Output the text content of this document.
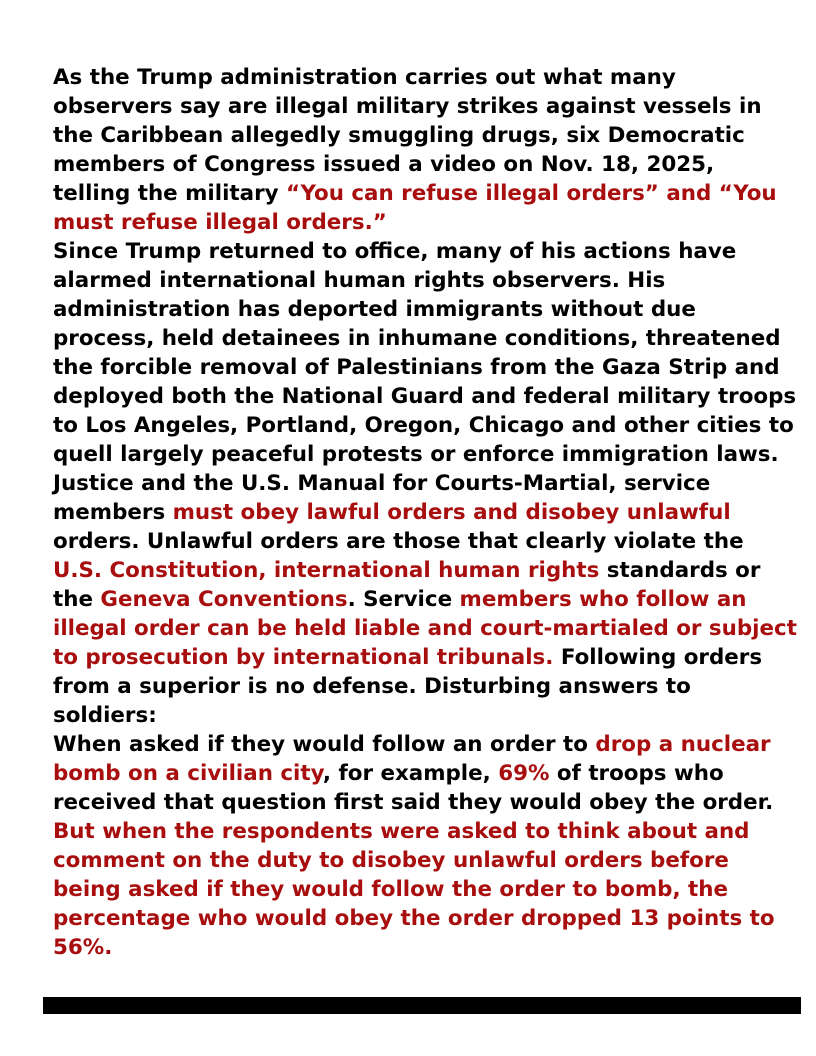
As the Trump administration carries out what many observers say are illegal military strikes against vessels in the Caribbean allegedly smuggling drugs, six Democratic members of Congress issued a video on Nov. 18, 2025, telling the military “You can refuse illegal orders” and “You must refuse illegal orders.”

Since Trump returned to office, many of his actions have alarmed international human rights observers. His administration has deported immigrants without due process, held detainees in inhumane conditions, threatened the forcible removal of Palestinians from the Gaza Strip and deployed both the National Guard and federal military troops to Los Angeles, Portland, Oregon, Chicago and other cities to quell largely peaceful protests or enforce immigration laws.

Justice and the U.S. Manual for Courts-Martial, service members must obey lawful orders and disobey unlawful orders. Unlawful orders are those that clearly violate the U.S. Constitution, international human rights standards or the Geneva Conventions. Service members who follow an illegal order can be held liable and court-martialed or subject to prosecution by international tribunals. Following orders from a superior is no defense. Disturbing answers to soldiers:

When asked if they would follow an order to drop a nuclear bomb on a civilian city, for example, 69% of troops who received that question first said they would obey the order. But when the respondents were asked to think about and comment on the duty to disobey unlawful orders before being asked if they would follow the order to bomb, the percentage who would obey the order dropped 13 points to 56%.
